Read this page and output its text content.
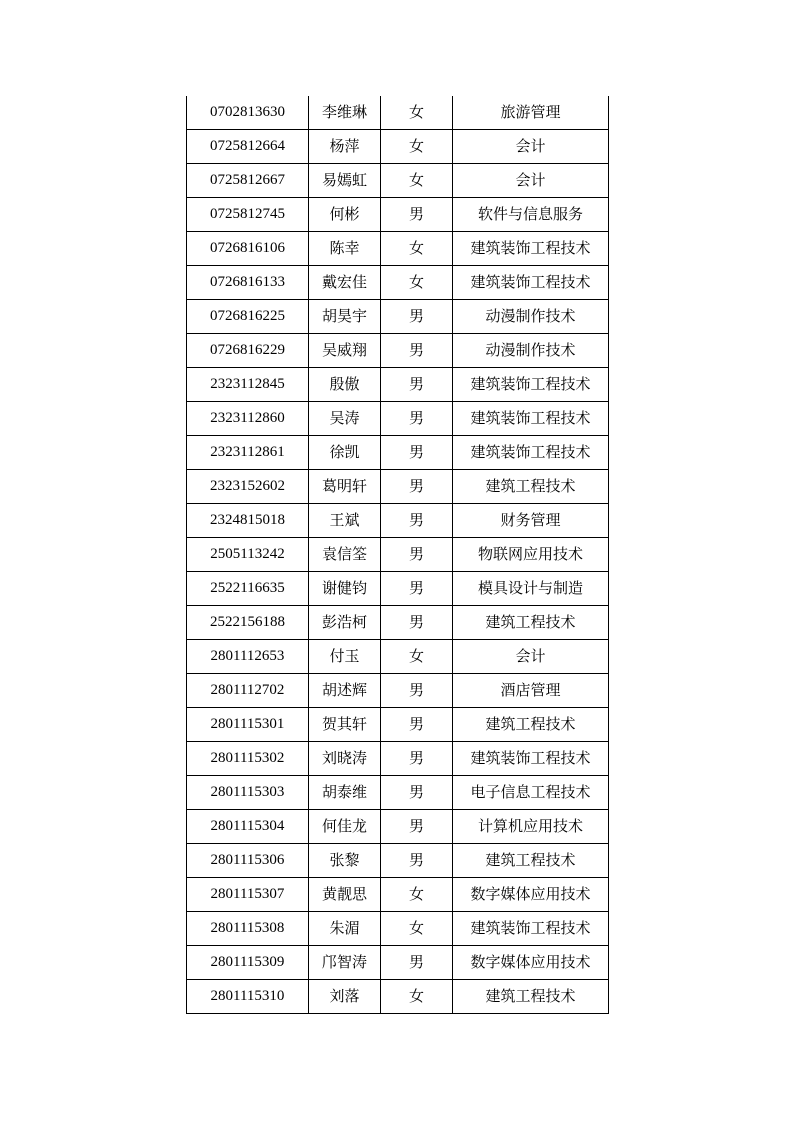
0702813630	李维琳	女	旅游管理
0725812664	杨萍	女	会计
0725812667	易嫣虹	女	会计
0725812745	何彬	男	软件与信息服务
0726816106	陈幸	女	建筑装饰工程技术
0726816133	戴宏佳	女	建筑装饰工程技术
0726816225	胡昊宇	男	动漫制作技术
0726816229	吴威翔	男	动漫制作技术
2323112845	殷傲	男	建筑装饰工程技术
2323112860	吴涛	男	建筑装饰工程技术
2323112861	徐凯	男	建筑装饰工程技术
2323152602	葛明轩	男	建筑工程技术
2324815018	王斌	男	财务管理
2505113242	袁信筌	男	物联网应用技术
2522116635	谢健钧	男	模具设计与制造
2522156188	彭浩柯	男	建筑工程技术
2801112653	付玉	女	会计
2801112702	胡述辉	男	酒店管理
2801115301	贺其轩	男	建筑工程技术
2801115302	刘晓涛	男	建筑装饰工程技术
2801115303	胡泰维	男	电子信息工程技术
2801115304	何佳龙	男	计算机应用技术
2801115306	张黎	男	建筑工程技术
2801115307	黄靓思	女	数字媒体应用技术
2801115308	朱湄	女	建筑装饰工程技术
2801115309	邝智涛	男	数字媒体应用技术
2801115310	刘落	女	建筑工程技术
